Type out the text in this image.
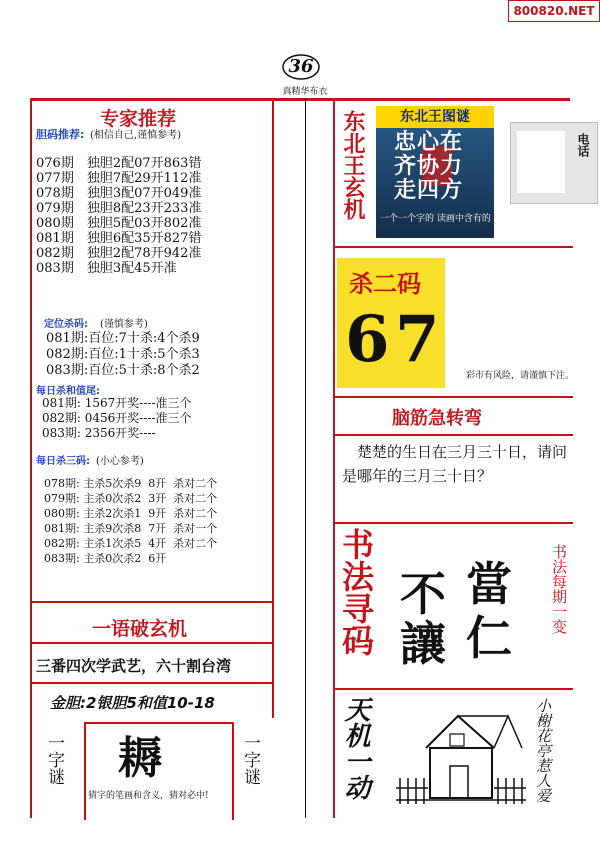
800820.NET
36
真精华布衣
专家推荐
胆码推荐: (相信自己,谨慎参考)
076期　独胆2配07开863错
077期　独胆7配29开112准
078期　独胆3配07开049准
079期　独胆8配23开233准
080期　独胆5配03开802准
081期　独胆6配35开827错
082期　独胆2配78开942准
083期　独胆3配45开准
定位杀码: (谨慎参考)
081期:百位:7十杀:4个杀9
082期:百位:1十杀:5个杀3
083期:百位:5十杀:8个杀2
每日杀和值尾:
081期: 1567开奖----准三个
082期: 0456开奖----准三个
083期: 2356开奖----
每日杀三码: (小心参考)
078期: 主杀5次杀9  8开  杀对二个
079期: 主杀0次杀2  3开  杀对二个
080期: 主杀2次杀1  9开  杀对二个
081期: 主杀9次杀8  7开  杀对一个
082期: 主杀1次杀5  4开  杀对二个
083期: 主杀0次杀2  6开
一语破玄机
三番四次学武艺，六十割台湾
金胆:2银胆5和值10-18
一字谜	一字谜
耨
猜字的笔画和含义，猜对必中!
东北王玄机	东北王图谜
忠心在
齐协力
走四方
一个一个字的 读画中含有的
电话
杀二码
6 7	彩市有风险，请谨慎下注。
脑筋急转弯
楚楚的生日在三月三十日，请问是哪年的三月三十日？
书法寻码 當
仁
不
讓
书法每期一变
天机一动	小榭花亭惹人爱
